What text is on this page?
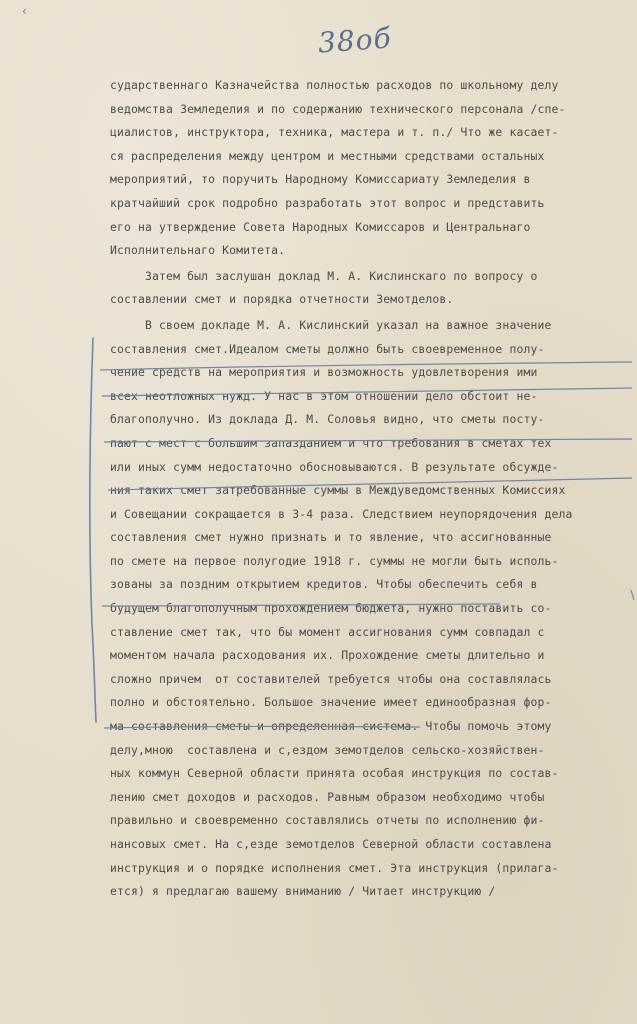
‹
38об
сударственнаго Казначейства полностью расходов по школьному делу
ведомства Земледелия и по содержанию технического персонала /спе-
циалистов, инструктора, техника, мастера и т. п./ Что же касает-
ся распределения между центром и местными средствами остальных
мероприятий, то поручить Народному Комиссариату Земледелия в
кратчайший срок подробно разработать этот вопрос и представить
его на утверждение Совета Народных Комиссаров и Центральнаго
Исполнительнаго Комитета.
Затем был заслушан доклад М. А. Кислинскаго по вопросу о
составлении смет и порядка отчетности Земотделов.
В своем докладе М. А. Кислинский указал на важное значение
составления смет.Идеалом сметы должно быть своевременное полу-
чение средств на мероприятия и возможность удовлетворения ими
всех неотложных нужд. У нас в этом отношении дело обстоит не-
благополучно. Из доклада Д. М. Соловья видно, что сметы посту-
пают с мест с большим запазданием и что требования в сметах тех
или иных сумм недостаточно обосновываются. В результате обсужде-
ния таких смет затребованные суммы в Междуведомственных Комиссиях
и Совещании сокращается в 3-4 раза. Следствием неупорядочения дела
составления смет нужно признать и то явление, что ассигнованные
по смете на первое полугодие 1918 г. суммы не могли быть исполь-
зованы за поздним открытием кредитов. Чтобы обеспечить себя в
будущем благополучным прохождением бюджета, нужно поставить со-
ставление смет так, что бы момент ассигнования сумм совпадал с
моментом начала расходования их. Прохождение сметы длительно и
сложно причем  от составителей требуется чтобы она составлялась
полно и обстоятельно. Большое значение имеет единообразная фор-
ма составления сметы и определенная система. Чтобы помочь этому
делу,мною  составлена и с,ездом земотделов сельско-хозяйствен-
ных коммун Северной области принята особая инструкция по состав-
лению смет доходов и расходов. Равным образом необходимо чтобы
правильно и своевременно составлялись отчеты по исполнению фи-
нансовых смет. На с,езде земотделов Северной области составлена
инструкция и о порядке исполнения смет. Эта инструкция (прилага-
ется) я предлагаю вашему вниманию / Читает инструкцию /
